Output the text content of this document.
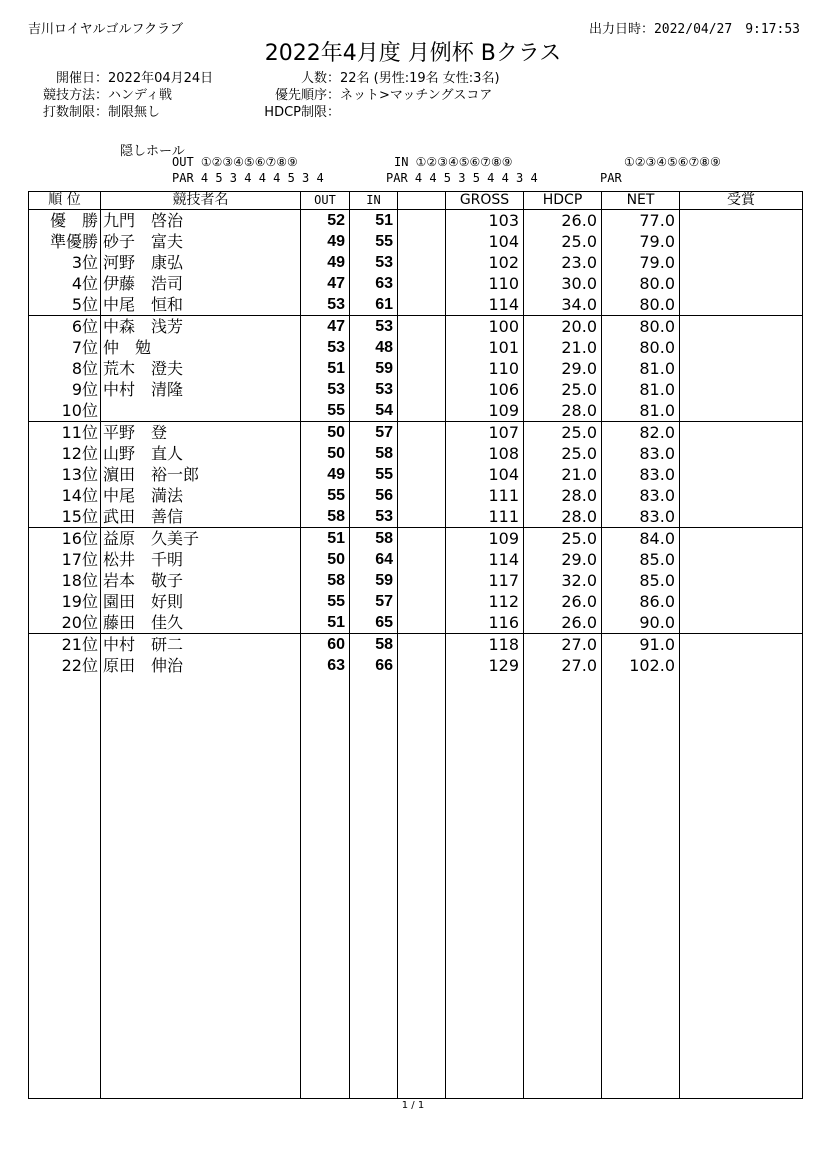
吉川ロイヤルゴルフクラブ	出力日時：2022/04/27　9:17:53
2022年4月度 月例杯 Bクラス
開催日：2022年04月24日
競技方法：ハンディ戦
打数制限：制限無し
人数：22名 (男性:19名 女性:3名)
優先順序：ネット>マッチングスコア
HDCP制限：
隠しホール
OUT ①②③④⑤⑥⑦⑧⑨	IN ①②③④⑤⑥⑦⑧⑨	①②③④⑤⑥⑦⑧⑨
PAR 4 5 3 4 4 4 5 3 4	PAR 4 4 5 3 5 4 4 3 4	PAR
順 位	競技者名	OUT	IN		GROSS	HDCP	NET	受賞
優　勝	九門　啓治	52	51		103	26.0	77.0	
準優勝	砂子　富夫	49	55		104	25.0	79.0	
3位	河野　康弘	49	53		102	23.0	79.0	
4位	伊藤　浩司	47	63		110	30.0	80.0	
5位	中尾　恒和	53	61		114	34.0	80.0	
6位	中森　浅芳	47	53		100	20.0	80.0	
7位	仲　勉	53	48		101	21.0	80.0	
8位	荒木　澄夫	51	59		110	29.0	81.0	
9位	中村　清隆	53	53		106	25.0	81.0	
10位		55	54		109	28.0	81.0	
11位	平野　登	50	57		107	25.0	82.0	
12位	山野　直人	50	58		108	25.0	83.0	
13位	濵田　裕一郎	49	55		104	21.0	83.0	
14位	中尾　満法	55	56		111	28.0	83.0	
15位	武田　善信	58	53		111	28.0	83.0	
16位	益原　久美子	51	58		109	25.0	84.0	
17位	松井　千明	50	64		114	29.0	85.0	
18位	岩本　敬子	58	59		117	32.0	85.0	
19位	園田　好則	55	57		112	26.0	86.0	
20位	藤田　佳久	51	65		116	26.0	90.0	
21位	中村　研二	60	58		118	27.0	91.0	
22位	原田　伸治	63	66		129	27.0	102.0	

1 / 1
